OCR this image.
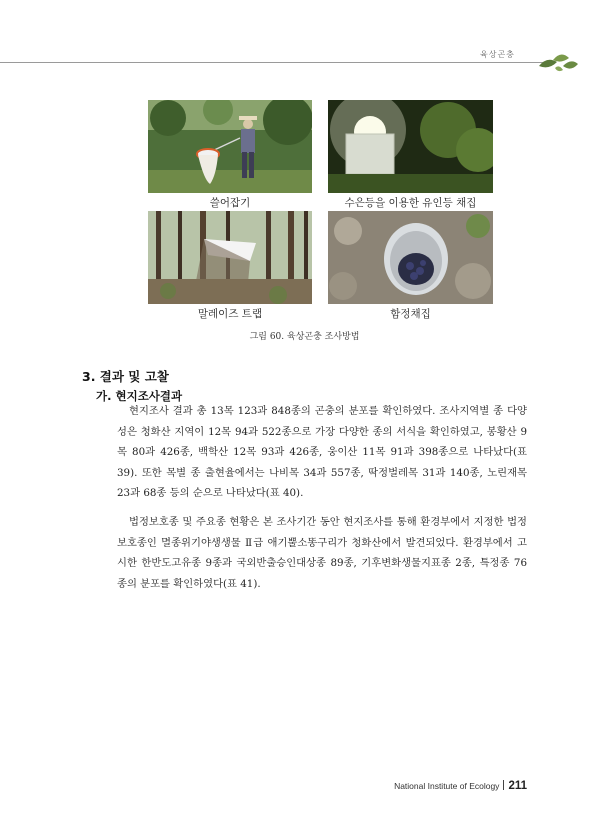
육상곤충
쓸어잡기	수은등을 이용한 유인등 채집
말레이즈 트랩	함정채집
그림 60. 육상곤충 조사방법
3. 결과 및 고찰
가. 현지조사결과

현지조사 결과 총 13목 123과 848종의 곤충의 분포를 확인하였다. 조사지역별 종 다양성은 청화산 지역이 12목 94과 522종으로 가장 다양한 종의 서식을 확인하였고, 봉황산 9목 80과 426종, 백학산 12목 93과 426종, 웅이산 11목 91과 398종으로 나타났다(표 39). 또한 목별 종 출현율에서는 나비목 34과 557종, 딱정벌레목 31과 140종, 노린재목 23과 68종 등의 순으로 나타났다(표 40).

법정보호종 및 주요종 현황은 본 조사기간 동안 현지조사를 통해 환경부에서 지정한 법정보호종인 멸종위기야생생물 Ⅱ급 애기뿔소똥구리가 청화산에서 발견되었다. 환경부에서 고시한 한반도고유종 9종과 국외반출승인대상종 89종, 기후변화생물지표종 2종, 특정종 76종의 분포를 확인하였다(표 41).

National Institute of Ecology 211
